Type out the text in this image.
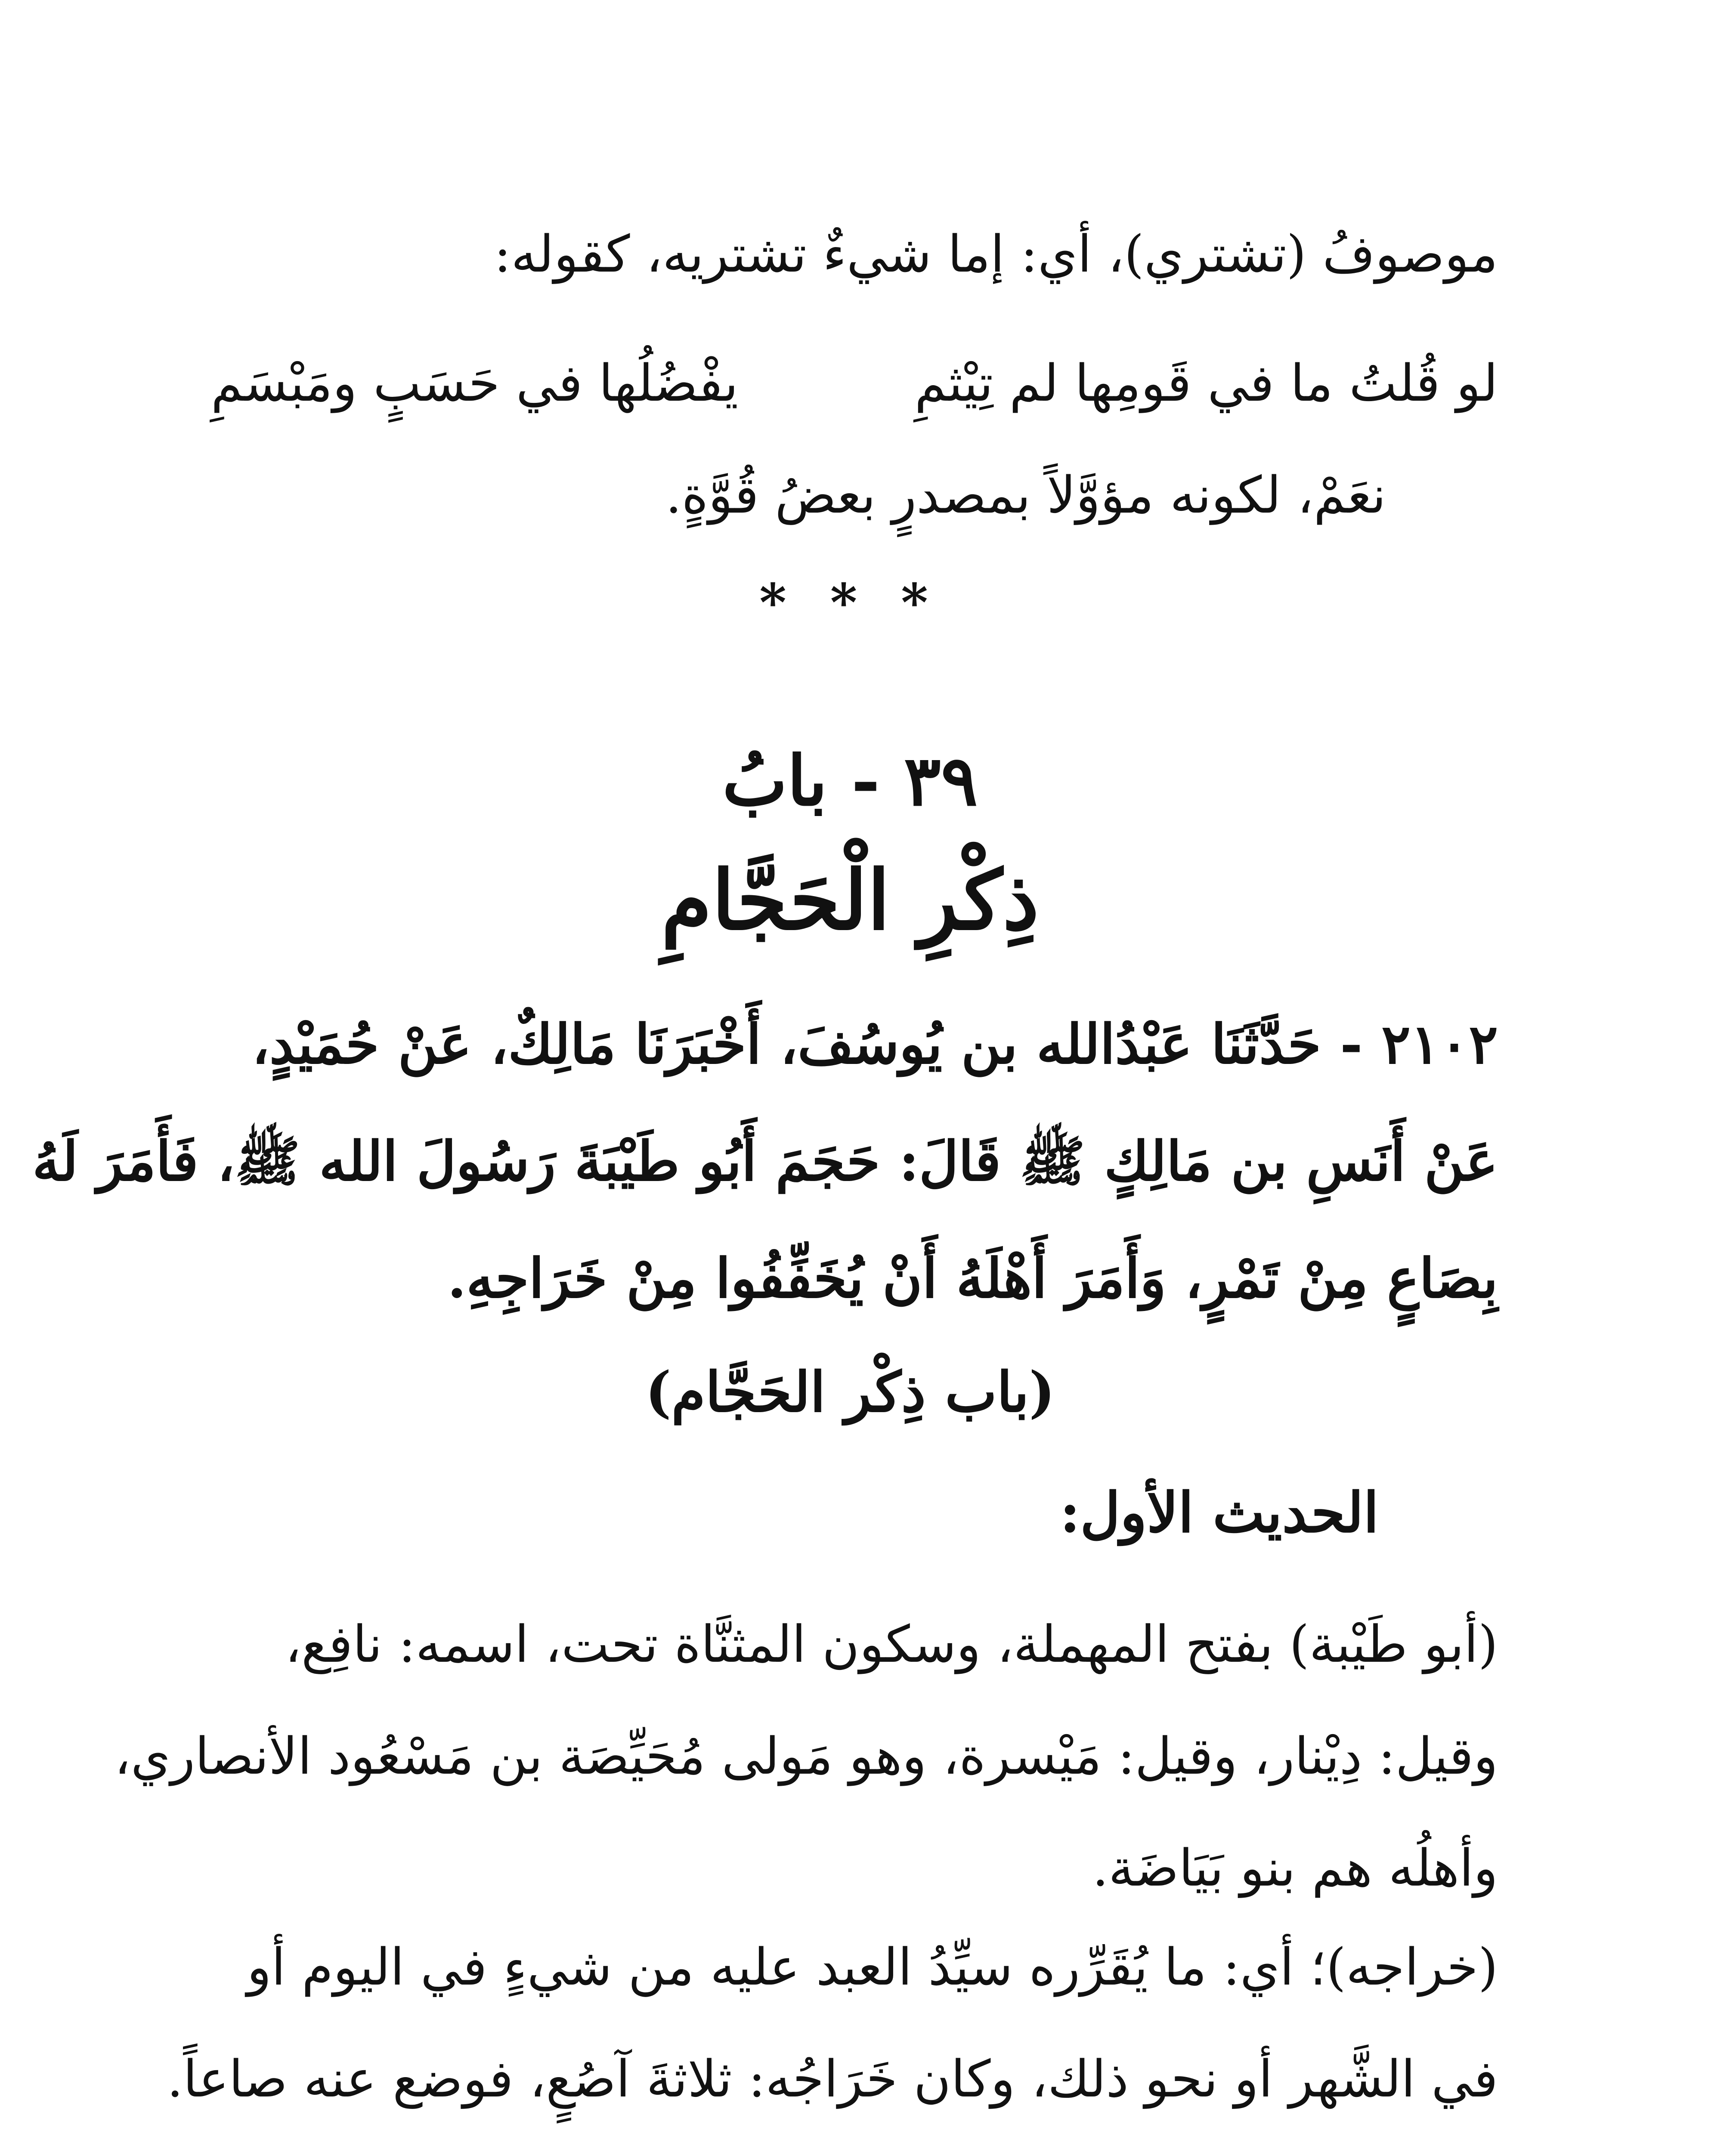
موصوفُ (تشتري)، أي: إما شيءٌ تشتريه، كقوله:
لو قُلتُ ما في قَومِها لم تِيْثمِ
يفْضُلُها في حَسَبٍ ومَبْسَمِ
نعَمْ، لكونه مؤوَّلاً بمصدرٍ بعضُ قُوَّةٍ.
* * *
٣٩ - بابُ
ذِكْرِ الْحَجَّامِ
٢١٠٢ - حَدَّثَنَا عَبْدُالله بن يُوسُفَ، أَخْبَرَنَا مَالِكٌ، عَنْ حُمَيْدٍ،
عَنْ أَنَسِ بن مَالِكٍ ﷺ قَالَ: حَجَمَ أَبُو طَيْبَةَ رَسُولَ الله ﷺ، فَأَمَرَ لَهُ
بِصَاعٍ مِنْ تَمْرٍ، وَأَمَرَ أَهْلَهُ أَنْ يُخَفِّفُوا مِنْ خَرَاجِهِ.
(باب ذِكْر الحَجَّام)
الحديث الأول:
(أبو طَيْبة) بفتح المهملة، وسكون المثنَّاة تحت، اسمه: نافِع،
وقيل: دِيْنار، وقيل: مَيْسرة، وهو مَولى مُحَيِّصَة بن مَسْعُود الأنصاري،
وأهلُه هم بنو بَيَاضَة.
(خراجه)؛ أي: ما يُقَرِّره سيِّدُ العبد عليه من شيءٍ في اليوم أو
في الشَّهر أو نحو ذلك، وكان خَرَاجُه: ثلاثةَ آصُعٍ، فوضع عنه صاعاً.
